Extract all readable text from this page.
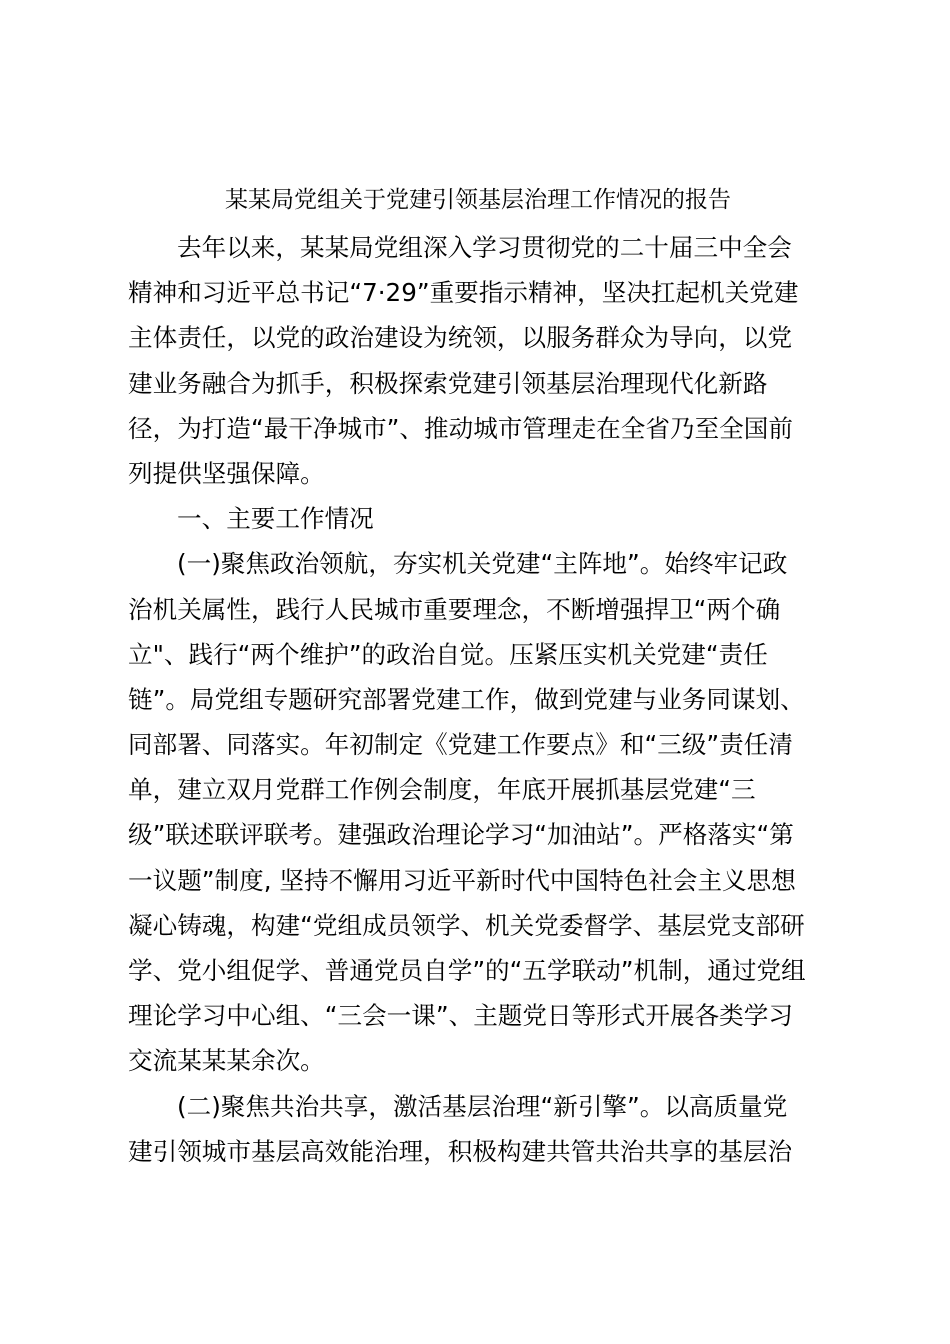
某某局党组关于党建引领基层治理工作情况的报告
去年以来，某某局党组深入学习贯彻党的二十届三中全会
精神和习近平总书记“7·29”重要指示精神，坚决扛起机关党建
主体责任，以党的政治建设为统领，以服务群众为导向，以党
建业务融合为抓手，积极探索党建引领基层治理现代化新路
径，为打造“最干净城市”、推动城市管理走在全省乃至全国前
列提供坚强保障。
一、主要工作情况
(一)聚焦政治领航，夯实机关党建“主阵地”。始终牢记政
治机关属性，践行人民城市重要理念，不断增强捍卫“两个确
立"、践行“两个维护”的政治自觉。压紧压实机关党建“责任
链”。局党组专题研究部署党建工作，做到党建与业务同谋划、
同部署、同落实。年初制定《党建工作要点》和“三级”责任清
单，建立双月党群工作例会制度，年底开展抓基层党建“三
级”联述联评联考。建强政治理论学习“加油站”。严格落实“第
一议题”制度, 坚持不懈用习近平新时代中国特色社会主义思想
凝心铸魂，构建“党组成员领学、机关党委督学、基层党支部研
学、党小组促学、普通党员自学”的“五学联动”机制，通过党组
理论学习中心组、“三会一课”、主题党日等形式开展各类学习
交流某某某余次。
(二)聚焦共治共享，激活基层治理“新引擎”。以高质量党
建引领城市基层高效能治理，积极构建共管共治共享的基层治
